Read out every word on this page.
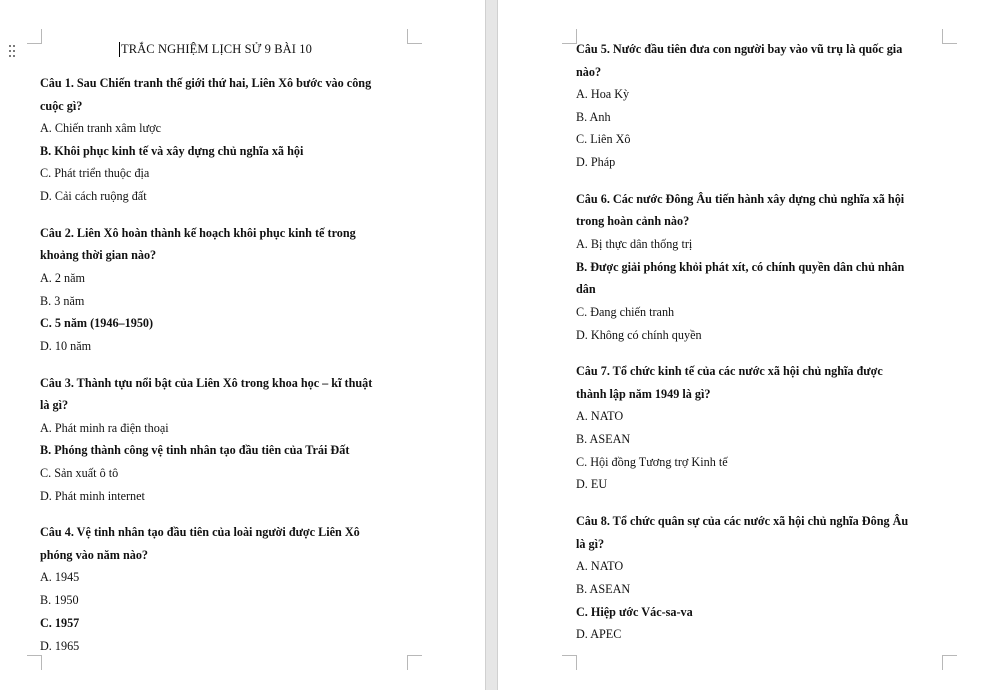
TRẮC NGHIỆM LỊCH SỬ 9 BÀI 10
Câu 1. Sau Chiến tranh thế giới thứ hai, Liên Xô bước vào công
cuộc gì?
A. Chiến tranh xâm lược
B. Khôi phục kinh tế và xây dựng chủ nghĩa xã hội
C. Phát triển thuộc địa
D. Cải cách ruộng đất
Câu 2. Liên Xô hoàn thành kế hoạch khôi phục kinh tế trong
khoảng thời gian nào?
A. 2 năm
B. 3 năm
C. 5 năm (1946–1950)
D. 10 năm
Câu 3. Thành tựu nổi bật của Liên Xô trong khoa học – kĩ thuật
là gì?
A. Phát minh ra điện thoại
B. Phóng thành công vệ tinh nhân tạo đầu tiên của Trái Đất
C. Sản xuất ô tô
D. Phát minh internet
Câu 4. Vệ tinh nhân tạo đầu tiên của loài người được Liên Xô
phóng vào năm nào?
A. 1945
B. 1950
C. 1957
D. 1965
Câu 5. Nước đầu tiên đưa con người bay vào vũ trụ là quốc gia
nào?
A. Hoa Kỳ
B. Anh
C. Liên Xô
D. Pháp
Câu 6. Các nước Đông Âu tiến hành xây dựng chủ nghĩa xã hội
trong hoàn cảnh nào?
A. Bị thực dân thống trị
B. Được giải phóng khỏi phát xít, có chính quyền dân chủ nhân
dân
C. Đang chiến tranh
D. Không có chính quyền
Câu 7. Tổ chức kinh tế của các nước xã hội chủ nghĩa được
thành lập năm 1949 là gì?
A. NATO
B. ASEAN
C. Hội đồng Tương trợ Kinh tế
D. EU
Câu 8. Tổ chức quân sự của các nước xã hội chủ nghĩa Đông Âu
là gì?
A. NATO
B. ASEAN
C. Hiệp ước Vác-sa-va
D. APEC
